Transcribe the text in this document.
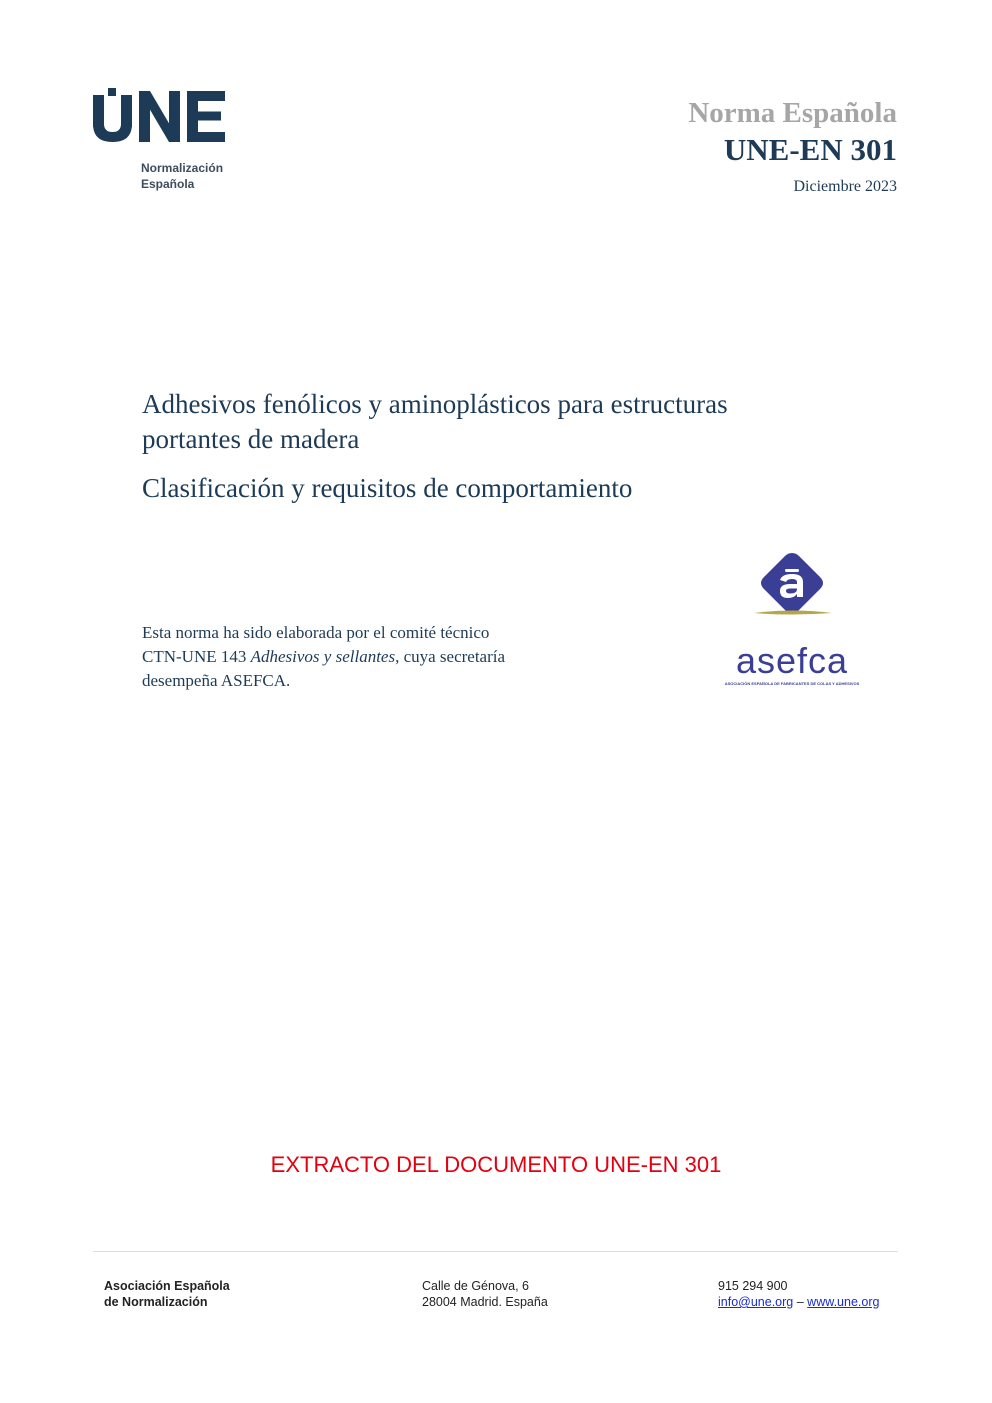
Normalización
Española
Norma Española
UNE-EN 301
Diciembre 2023
Adhesivos fenólicos y aminoplásticos para estructuras
portantes de madera
Clasificación y requisitos de comportamiento
Esta norma ha sido elaborada por el comité técnico
CTN-UNE 143 Adhesivos y sellantes, cuya secretaría
desempeña ASEFCA.	asefca
ASOCIACIÓN ESPAÑOLA DE FABRICANTES DE COLAS Y ADHESIVOS
EXTRACTO DEL DOCUMENTO UNE-EN 301
Asociación Española
de Normalización
Calle de Génova, 6
28004 Madrid. España
915 294 900
info@une.org – www.une.org
